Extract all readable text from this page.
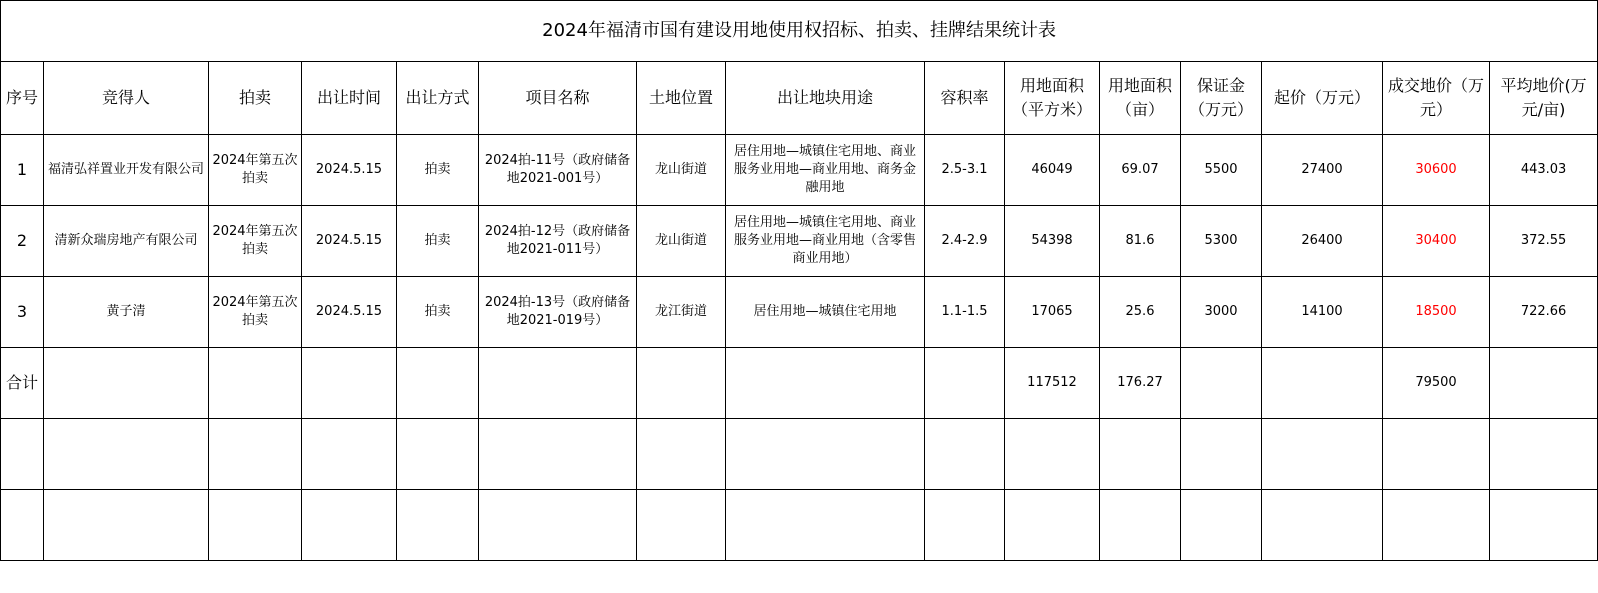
2024年福清市国有建设用地使用权招标、拍卖、挂牌结果统计表														
序号	竞得人	拍卖	出让时间	出让方式	项目名称	土地位置	出让地块用途	容积率	用地面积（平方米）	用地面积（亩）	保证金（万元）	起价（万元）	成交地价（万元）	平均地价(万元/亩)
1	福清弘祥置业开发有限公司	2024年第五次拍卖	2024.5.15	拍卖	2024拍-11号（政府储备地2021-001号）	龙山街道	居住用地—城镇住宅用地、商业服务业用地—商业用地、商务金融用地	2.5-3.1	46049	69.07	5500	27400	30600	443.03
2	清新众瑞房地产有限公司	2024年第五次拍卖	2024.5.15	拍卖	2024拍-12号（政府储备地2021-011号）	龙山街道	居住用地—城镇住宅用地、商业服务业用地—商业用地（含零售商业用地）	2.4-2.9	54398	81.6	5300	26400	30400	372.55
3	黄子清	2024年第五次拍卖	2024.5.15	拍卖	2024拍-13号（政府储备地2021-019号）	龙江街道	居住用地—城镇住宅用地	1.1-1.5	17065	25.6	3000	14100	18500	722.66
合计									117512	176.27			79500	
